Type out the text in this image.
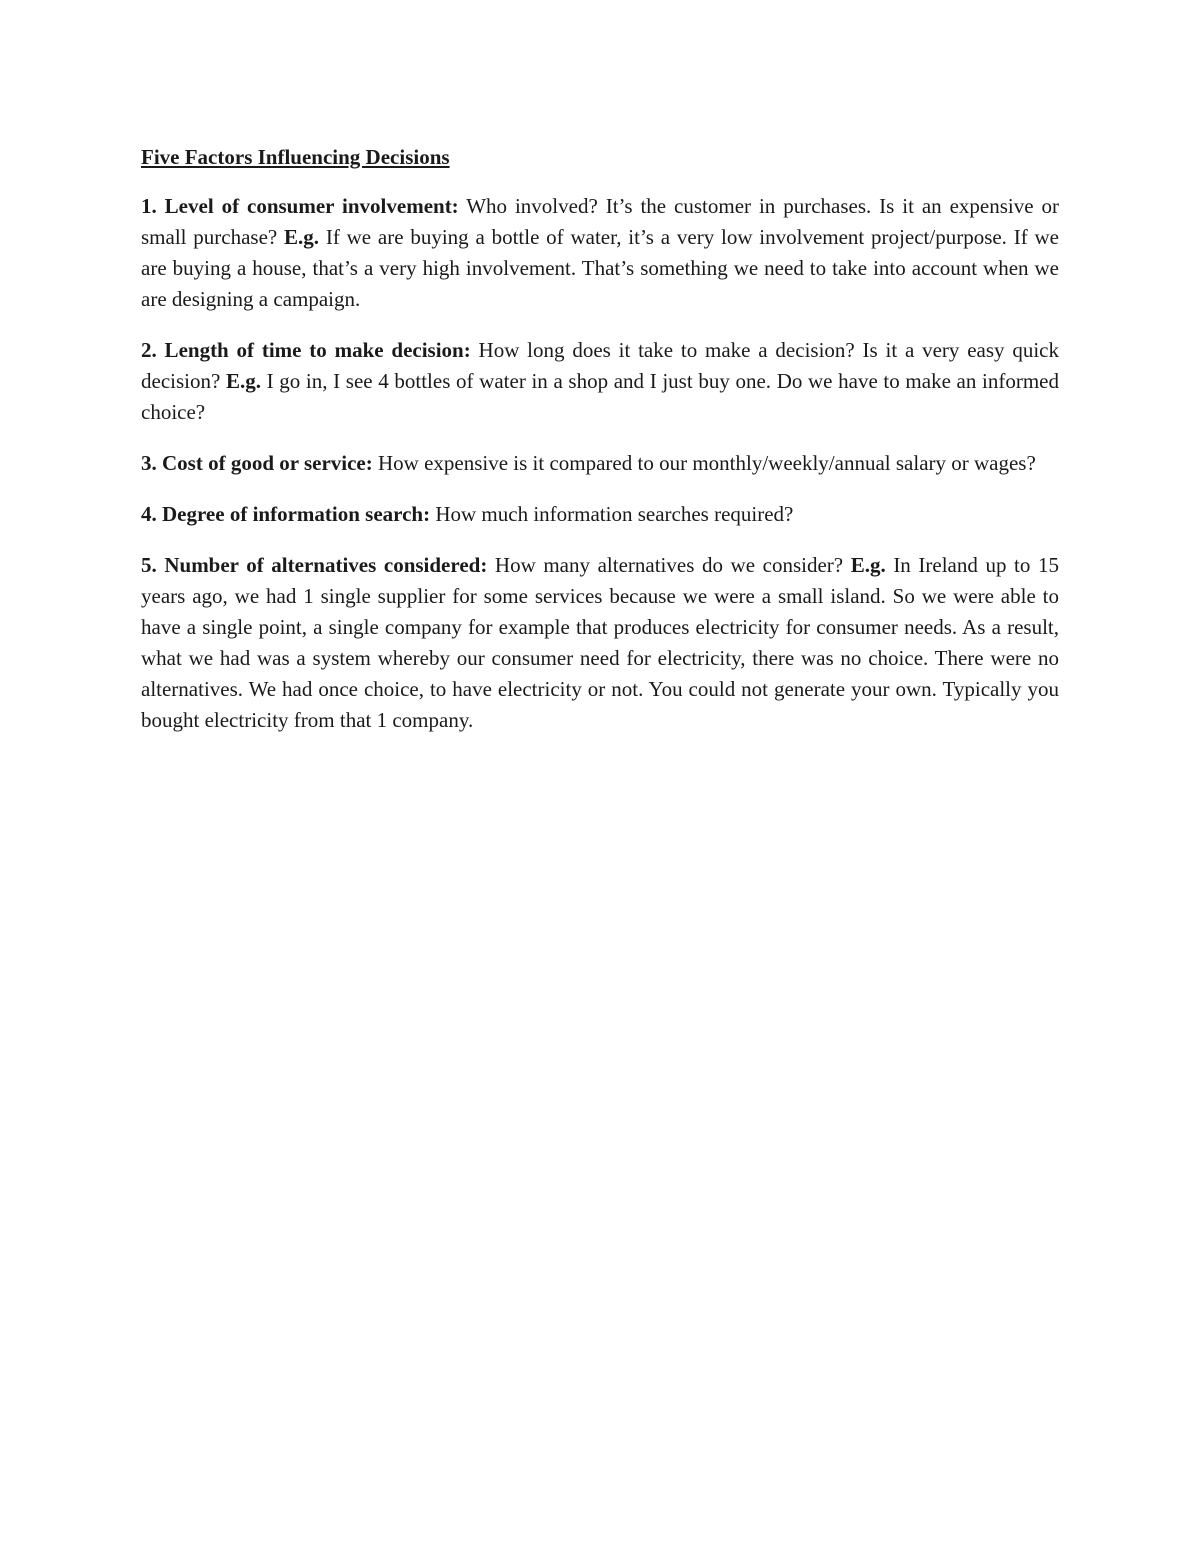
Five Factors Influencing Decisions

1. Level of consumer involvement: Who involved? It’s the customer in purchases. Is it an expensive or small purchase? E.g. If we are buying a bottle of water, it’s a very low involvement project/purpose. If we are buying a house, that’s a very high involvement. That’s something we need to take into account when we are designing a campaign.

2. Length of time to make decision: How long does it take to make a decision? Is it a very easy quick decision? E.g. I go in, I see 4 bottles of water in a shop and I just buy one. Do we have to make an informed choice?

3. Cost of good or service: How expensive is it compared to our monthly/weekly/annual salary or wages?

4. Degree of information search: How much information searches required?

5. Number of alternatives considered: How many alternatives do we consider? E.g. In Ireland up to 15 years ago, we had 1 single supplier for some services because we were a small island. So we were able to have a single point, a single company for example that produces electricity for consumer needs. As a result, what we had was a system whereby our consumer need for electricity, there was no choice. There were no alternatives. We had once choice, to have electricity or not. You could not generate your own. Typically you bought electricity from that 1 company.
